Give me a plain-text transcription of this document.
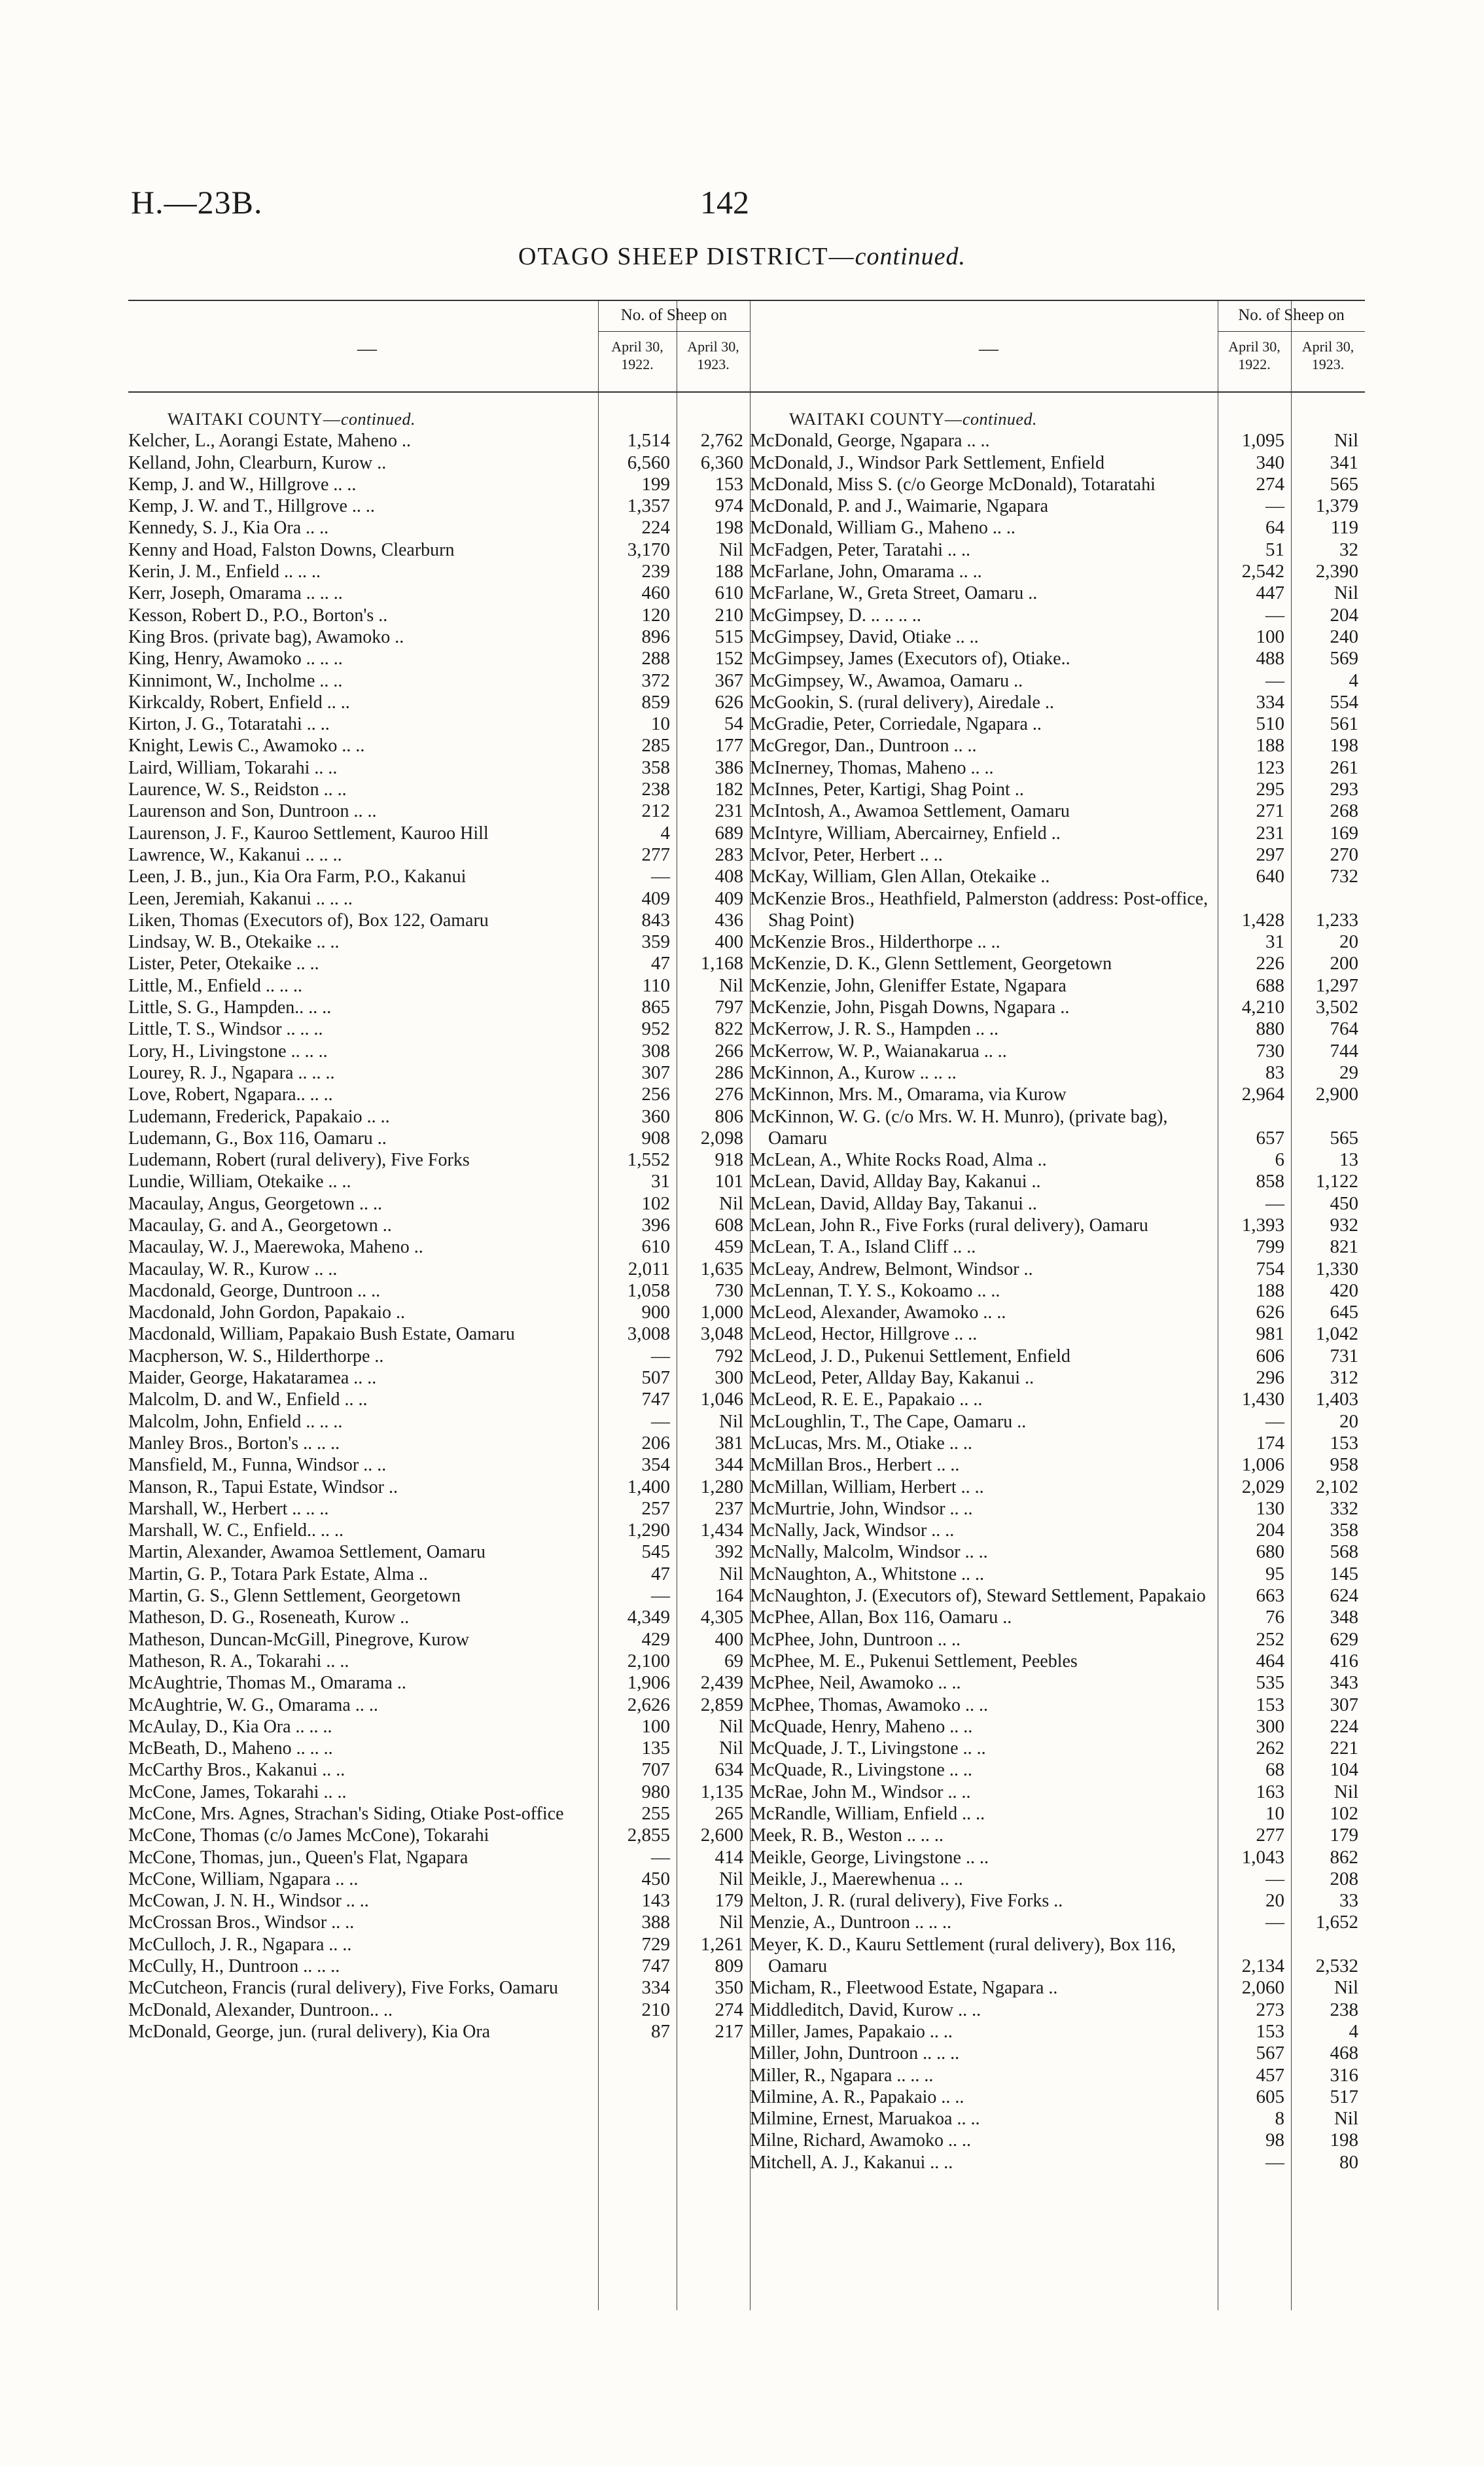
H.—23B.	142
OTAGO SHEEP DISTRICT—continued.
—
No. of Sheep on
April 30,
1922.
April 30,
1923.
WAITAKI COUNTY—continued.
Kelcher, L., Aorangi Estate, Maheno ..	1,514	2,762
Kelland, John, Clearburn, Kurow ..	6,560	6,360
Kemp, J. and W., Hillgrove .. ..	199	153
Kemp, J. W. and T., Hillgrove .. ..	1,357	974
Kennedy, S. J., Kia Ora .. ..	224	198
Kenny and Hoad, Falston Downs, Clearburn	3,170	Nil
Kerin, J. M., Enfield .. .. ..	239	188
Kerr, Joseph, Omarama .. .. ..	460	610
Kesson, Robert D., P.O., Borton's ..	120	210
King Bros. (private bag), Awamoko ..	896	515
King, Henry, Awamoko .. .. ..	288	152
Kinnimont, W., Incholme .. ..	372	367
Kirkcaldy, Robert, Enfield .. ..	859	626
Kirton, J. G., Totaratahi .. ..	10	54
Knight, Lewis C., Awamoko .. ..	285	177
Laird, William, Tokarahi .. ..	358	386
Laurence, W. S., Reidston .. ..	238	182
Laurenson and Son, Duntroon .. ..	212	231
Laurenson, J. F., Kauroo Settlement, Kauroo Hill	4	689
Lawrence, W., Kakanui .. .. ..	277	283
Leen, J. B., jun., Kia Ora Farm, P.O., Kakanui	—	408
Leen, Jeremiah, Kakanui .. .. ..	409	409
Liken, Thomas (Executors of), Box 122, Oamaru	843	436
Lindsay, W. B., Otekaike .. ..	359	400
Lister, Peter, Otekaike .. ..	47	1,168
Little, M., Enfield .. .. ..	110	Nil
Little, S. G., Hampden.. .. ..	865	797
Little, T. S., Windsor .. .. ..	952	822
Lory, H., Livingstone .. .. ..	308	266
Lourey, R. J., Ngapara .. .. ..	307	286
Love, Robert, Ngapara.. .. ..	256	276
Ludemann, Frederick, Papakaio .. ..	360	806
Ludemann, G., Box 116, Oamaru ..	908	2,098
Ludemann, Robert (rural delivery), Five Forks	1,552	918
Lundie, William, Otekaike .. ..	31	101
Macaulay, Angus, Georgetown .. ..	102	Nil
Macaulay, G. and A., Georgetown ..	396	608
Macaulay, W. J., Maerewoka, Maheno ..	610	459
Macaulay, W. R., Kurow .. ..	2,011	1,635
Macdonald, George, Duntroon .. ..	1,058	730
Macdonald, John Gordon, Papakaio ..	900	1,000
Macdonald, William, Papakaio Bush Estate, Oamaru	3,008	3,048
Macpherson, W. S., Hilderthorpe ..	—	792
Maider, George, Hakataramea .. ..	507	300
Malcolm, D. and W., Enfield .. ..	747	1,046
Malcolm, John, Enfield .. .. ..	—	Nil
Manley Bros., Borton's .. .. ..	206	381
Mansfield, M., Funna, Windsor .. ..	354	344
Manson, R., Tapui Estate, Windsor ..	1,400	1,280
Marshall, W., Herbert .. .. ..	257	237
Marshall, W. C., Enfield.. .. ..	1,290	1,434
Martin, Alexander, Awamoa Settlement, Oamaru	545	392
Martin, G. P., Totara Park Estate, Alma ..	47	Nil
Martin, G. S., Glenn Settlement, Georgetown	—	164
Matheson, D. G., Roseneath, Kurow ..	4,349	4,305
Matheson, Duncan-McGill, Pinegrove, Kurow	429	400
Matheson, R. A., Tokarahi .. ..	2,100	69
McAughtrie, Thomas M., Omarama ..	1,906	2,439
McAughtrie, W. G., Omarama .. ..	2,626	2,859
McAulay, D., Kia Ora .. .. ..	100	Nil
McBeath, D., Maheno .. .. ..	135	Nil
McCarthy Bros., Kakanui .. ..	707	634
McCone, James, Tokarahi .. ..	980	1,135
McCone, Mrs. Agnes, Strachan's Siding, Otiake Post-office	255	265
McCone, Thomas (c/o James McCone), Tokarahi	2,855	2,600
McCone, Thomas, jun., Queen's Flat, Ngapara	—	414
McCone, William, Ngapara .. ..	450	Nil
McCowan, J. N. H., Windsor .. ..	143	179
McCrossan Bros., Windsor .. ..	388	Nil
McCulloch, J. R., Ngapara .. ..	729	1,261
McCully, H., Duntroon .. .. ..	747	809
McCutcheon, Francis (rural delivery), Five Forks, Oamaru	334	350
McDonald, Alexander, Duntroon.. ..	210	274
McDonald, George, jun. (rural delivery), Kia Ora	87	217
—
No. of Sheep on
April 30,
1922.
April 30,
1923.
WAITAKI COUNTY—continued.
McDonald, George, Ngapara .. ..	1,095	Nil
McDonald, J., Windsor Park Settlement, Enfield	340	341
McDonald, Miss S. (c/o George McDonald), Totaratahi	274	565
McDonald, P. and J., Waimarie, Ngapara	—	1,379
McDonald, William G., Maheno .. ..	64	119
McFadgen, Peter, Taratahi .. ..	51	32
McFarlane, John, Omarama .. ..	2,542	2,390
McFarlane, W., Greta Street, Oamaru ..	447	Nil
McGimpsey, D. .. .. .. ..	—	204
McGimpsey, David, Otiake .. ..	100	240
McGimpsey, James (Executors of), Otiake..	488	569
McGimpsey, W., Awamoa, Oamaru ..	—	4
McGookin, S. (rural delivery), Airedale ..	334	554
McGradie, Peter, Corriedale, Ngapara ..	510	561
McGregor, Dan., Duntroon .. ..	188	198
McInerney, Thomas, Maheno .. ..	123	261
McInnes, Peter, Kartigi, Shag Point ..	295	293
McIntosh, A., Awamoa Settlement, Oamaru	271	268
McIntyre, William, Abercairney, Enfield ..	231	169
McIvor, Peter, Herbert .. ..	297	270
McKay, William, Glen Allan, Otekaike ..	640	732
McKenzie Bros., Heathfield, Palmerston (address: Post-office, Shag Point)	1,428	1,233
McKenzie Bros., Hilderthorpe .. ..	31	20
McKenzie, D. K., Glenn Settlement, Georgetown	226	200
McKenzie, John, Gleniffer Estate, Ngapara	688	1,297
McKenzie, John, Pisgah Downs, Ngapara ..	4,210	3,502
McKerrow, J. R. S., Hampden .. ..	880	764
McKerrow, W. P., Waianakarua .. ..	730	744
McKinnon, A., Kurow .. .. ..	83	29
McKinnon, Mrs. M., Omarama, via Kurow	2,964	2,900
McKinnon, W. G. (c/o Mrs. W. H. Munro), (private bag), Oamaru	657	565
McLean, A., White Rocks Road, Alma ..	6	13
McLean, David, Allday Bay, Kakanui ..	858	1,122
McLean, David, Allday Bay, Takanui ..	—	450
McLean, John R., Five Forks (rural delivery), Oamaru	1,393	932
McLean, T. A., Island Cliff .. ..	799	821
McLeay, Andrew, Belmont, Windsor ..	754	1,330
McLennan, T. Y. S., Kokoamo .. ..	188	420
McLeod, Alexander, Awamoko .. ..	626	645
McLeod, Hector, Hillgrove .. ..	981	1,042
McLeod, J. D., Pukenui Settlement, Enfield	606	731
McLeod, Peter, Allday Bay, Kakanui ..	296	312
McLeod, R. E. E., Papakaio .. ..	1,430	1,403
McLoughlin, T., The Cape, Oamaru ..	—	20
McLucas, Mrs. M., Otiake .. ..	174	153
McMillan Bros., Herbert .. ..	1,006	958
McMillan, William, Herbert .. ..	2,029	2,102
McMurtrie, John, Windsor .. ..	130	332
McNally, Jack, Windsor .. ..	204	358
McNally, Malcolm, Windsor .. ..	680	568
McNaughton, A., Whitstone .. ..	95	145
McNaughton, J. (Executors of), Steward Settlement, Papakaio	663	624
McPhee, Allan, Box 116, Oamaru ..	76	348
McPhee, John, Duntroon .. ..	252	629
McPhee, M. E., Pukenui Settlement, Peebles	464	416
McPhee, Neil, Awamoko .. ..	535	343
McPhee, Thomas, Awamoko .. ..	153	307
McQuade, Henry, Maheno .. ..	300	224
McQuade, J. T., Livingstone .. ..	262	221
McQuade, R., Livingstone .. ..	68	104
McRae, John M., Windsor .. ..	163	Nil
McRandle, William, Enfield .. ..	10	102
Meek, R. B., Weston .. .. ..	277	179
Meikle, George, Livingstone .. ..	1,043	862
Meikle, J., Maerewhenua .. ..	—	208
Melton, J. R. (rural delivery), Five Forks ..	20	33
Menzie, A., Duntroon .. .. ..	—	1,652
Meyer, K. D., Kauru Settlement (rural delivery), Box 116, Oamaru	2,134	2,532
Micham, R., Fleetwood Estate, Ngapara ..	2,060	Nil
Middleditch, David, Kurow .. ..	273	238
Miller, James, Papakaio .. ..	153	4
Miller, John, Duntroon .. .. ..	567	468
Miller, R., Ngapara .. .. ..	457	316
Milmine, A. R., Papakaio .. ..	605	517
Milmine, Ernest, Maruakoa .. ..	8	Nil
Milne, Richard, Awamoko .. ..	98	198
Mitchell, A. J., Kakanui .. ..	—	80
